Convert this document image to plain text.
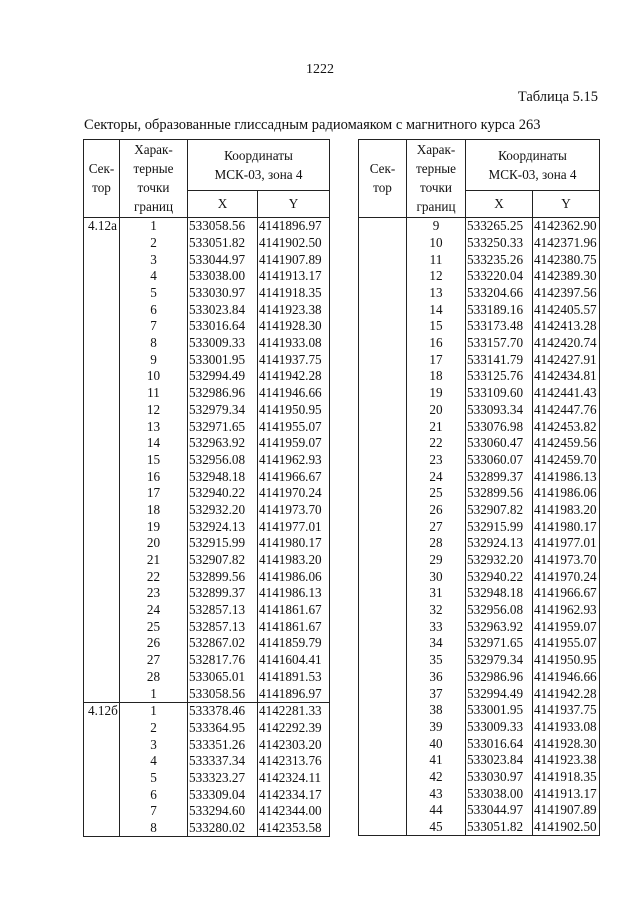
1222
Таблица 5.15
Секторы, образованные глиссадным радиомаяком с магнитного курса 263
Сек-
тор	Харак-
терные
точки
границ	Координаты
МСК-03, зона 4	
		X	Y
4.12а	1	533058.56	4141896.97
	2	533051.82	4141902.50
	3	533044.97	4141907.89
	4	533038.00	4141913.17
	5	533030.97	4141918.35
	6	533023.84	4141923.38
	7	533016.64	4141928.30
	8	533009.33	4141933.08
	9	533001.95	4141937.75
	10	532994.49	4141942.28
	11	532986.96	4141946.66
	12	532979.34	4141950.95
	13	532971.65	4141955.07
	14	532963.92	4141959.07
	15	532956.08	4141962.93
	16	532948.18	4141966.67
	17	532940.22	4141970.24
	18	532932.20	4141973.70
	19	532924.13	4141977.01
	20	532915.99	4141980.17
	21	532907.82	4141983.20
	22	532899.56	4141986.06
	23	532899.37	4141986.13
	24	532857.13	4141861.67
	25	532857.13	4141861.67
	26	532867.02	4141859.79
	27	532817.76	4141604.41
	28	533065.01	4141891.53
	1	533058.56	4141896.97
4.12б	1	533378.46	4142281.33
	2	533364.95	4142292.39
	3	533351.26	4142303.20
	4	533337.34	4142313.76
	5	533323.27	4142324.11
	6	533309.04	4142334.17
	7	533294.60	4142344.00
	8	533280.02	4142353.58
Сек-
тор	Харак-
терные
точки
границ	Координаты
МСК-03, зона 4	
		X	Y
	9	533265.25	4142362.90
	10	533250.33	4142371.96
	11	533235.26	4142380.75
	12	533220.04	4142389.30
	13	533204.66	4142397.56
	14	533189.16	4142405.57
	15	533173.48	4142413.28
	16	533157.70	4142420.74
	17	533141.79	4142427.91
	18	533125.76	4142434.81
	19	533109.60	4142441.43
	20	533093.34	4142447.76
	21	533076.98	4142453.82
	22	533060.47	4142459.56
	23	533060.07	4142459.70
	24	532899.37	4141986.13
	25	532899.56	4141986.06
	26	532907.82	4141983.20
	27	532915.99	4141980.17
	28	532924.13	4141977.01
	29	532932.20	4141973.70
	30	532940.22	4141970.24
	31	532948.18	4141966.67
	32	532956.08	4141962.93
	33	532963.92	4141959.07
	34	532971.65	4141955.07
	35	532979.34	4141950.95
	36	532986.96	4141946.66
	37	532994.49	4141942.28
	38	533001.95	4141937.75
	39	533009.33	4141933.08
	40	533016.64	4141928.30
	41	533023.84	4141923.38
	42	533030.97	4141918.35
	43	533038.00	4141913.17
	44	533044.97	4141907.89
	45	533051.82	4141902.50
